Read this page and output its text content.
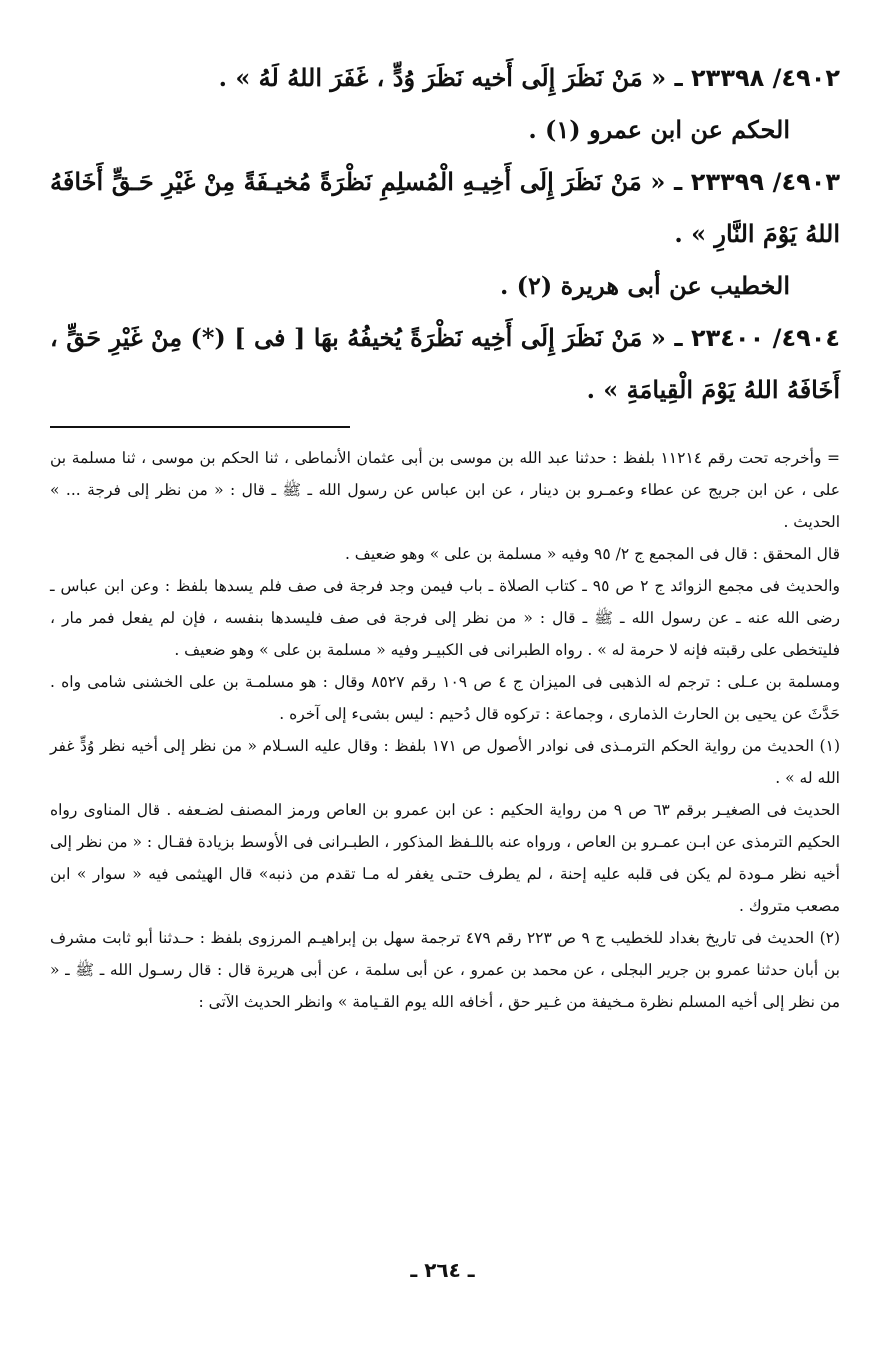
٤٩٠٢/ ٢٣٣٩٨ ـ « مَنْ نَظَرَ إِلَى أَخيه نَظَرَ وُدٍّ ، غَفَرَ اللهُ لَهُ » .

الحكم عن ابن عمرو (١) .

٤٩٠٣/ ٢٣٣٩٩ ـ « مَنْ نَظَرَ إِلَى أَخِيـهِ الْمُسلِمِ نَظْرَةً مُخيـفَةً مِنْ غَيْرِ حَـقٍّ أَخَافَهُ اللهُ يَوْمَ النَّارِ » .

الخطيب عن أبى هريرة (٢) .

٤٩٠٤/ ٢٣٤٠٠ ـ « مَنْ نَظَرَ إِلَى أَخِيه نَظْرَةً يُخيفُهُ بهَا [ فى ] (*) مِنْ غَيْرِ حَقٍّ ، أَخَافَهُ اللهُ يَوْمَ الْقِيامَةِ » .

= وأخرجه تحت رقم ١١٢١٤ بلفظ : حدثنا عبد الله بن موسى بن أبى عثمان الأنماطى ، ثنا الحكم بن موسى ، ثنا مسلمة بن على ، عن ابن جريج عن عطاء وعمـرو بن دينار ، عن ابن عباس عن رسول الله ـ ﷺ ـ قال : « من نظر إلى فرجة ... » الحديث .

قال المحقق : قال فى المجمع ج ٢/ ٩٥ وفيه « مسلمة بن على » وهو ضعيف .

والحديث فى مجمع الزوائد ج ٢ ص ٩٥ ـ كتاب الصلاة ـ باب فيمن وجد فرجة فى صف فلم يسدها بلفظ : وعن ابن عباس ـ رضى الله عنه ـ عن رسول الله ـ ﷺ ـ قال : « من نظر إلى فرجة فى صف فليسدها بنفسه ، فإن لم يفعل فمر مار ، فليتخطى على رقبته فإنه لا حرمة له » . رواه الطبرانى فى الكبيـر وفيه « مسلمة بن على » وهو ضعيف .

ومسلمة بن عـلى : ترجم له الذهبى فى الميزان ج ٤ ص ١٠٩ رقم ٨٥٢٧ وقال : هو مسلمـة بن على الخشنى شامى واه . حَدَّثَ عن يحيى بن الحارث الذمارى ، وجماعة : تركوه قال دُحيم : ليس بشىء إلى آخره .

(١) الحديث من رواية الحكم الترمـذى فى نوادر الأصول ص ١٧١ بلفظ : وقال عليه السـلام « من نظر إلى أخيه نظر وُدٍّ غفر الله له » .

الحديث فى الصغيـر برقم ٦٣ ص ٩ من رواية الحكيم : عن ابن عمرو بن العاص ورمز المصنف لضـعفه . قال المناوى رواه الحكيم الترمذى عن ابـن عمـرو بن العاص ، ورواه عنه باللـفظ المذكور ، الطبـرانى فى الأوسط بزيادة فقـال : « من نظر إلى أخيه نظر مـودة لم يكن فى قلبه عليه إحنة ، لم يطرف حتـى يغفر له مـا تقدم من ذنبه» قال الهيثمى فيه « سوار » ابن مصعب متروك .

(٢) الحديث فى تاريخ بغداد للخطيب ج ٩ ص ٢٢٣ رقم ٤٧٩ ترجمة سهل بن إبراهيـم المرزوى بلفظ : حـدثنا أبو ثابت مشرف بن أبان حدثنا عمرو بن جرير البجلى ، عن محمد بن عمرو ، عن أبى سلمة ، عن أبى هريرة قال : قال رسـول الله ـ ﷺ ـ « من نظر إلى أخيه المسلم نظرة مـخيفة من غـير حق ، أخافه الله يوم القـيامة » وانظر الحديث الآتى :

ـ ٢٦٤ ـ
